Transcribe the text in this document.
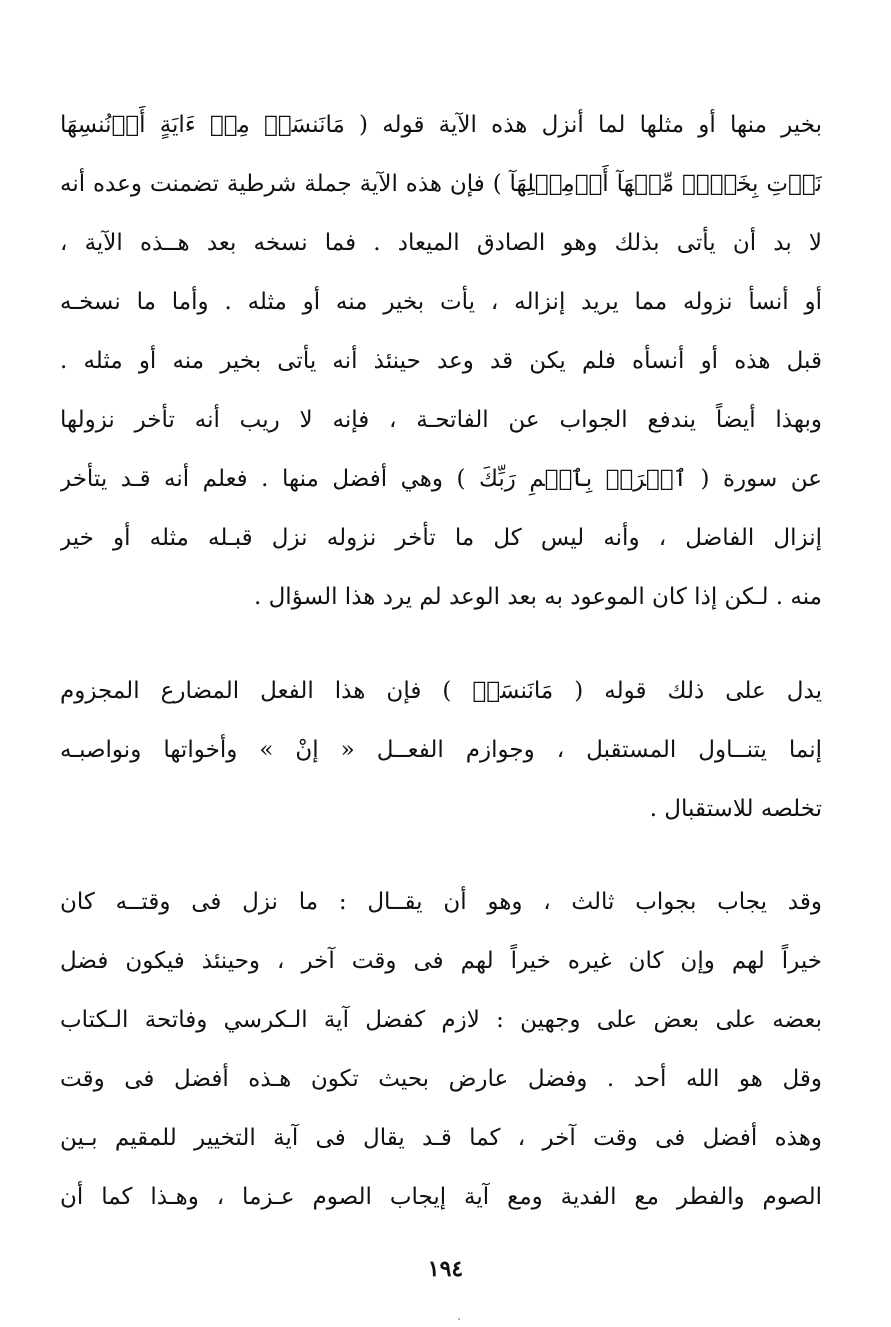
بخير منها أو مثلها لما أنزل هذه الآية قوله ( مَانَنسَخۡ مِنۡ ءَايَةٍ أَوۡنُنسِهَا
نَأۡتِ بِخَيۡرٖ مِّنۡهَآ أَوۡمِثۡلِهَآ ) فإن هذه الآية جملة شرطية تضمنت وعده أنه
لا بد أن يأتى بذلك وهو الصادق الميعاد . فما نسخه بعد هــذه الآية ،
أو أنسأ نزوله مما يريد إنزاله ، يأت بخير منه أو مثله . وأما ما نسخـه
قبل هذه أو أنسأه فلم يكن قد وعد حينئذ أنه يأتى بخير منه أو مثله .
وبهذا أيضاً يندفع الجواب عن الفاتحـة ، فإنه لا ريب أنه تأخر نزولها
عن سورة ( ٱقۡرَأۡ بِٱسۡمِ رَبِّكَ ) وهي أفضل منها . فعلم أنه قـد يتأخر
إنزال الفاضل ، وأنه ليس كل ما تأخر نزوله نزل قبـله مثله أو خير
منه . لـكن إذا كان الموعود به بعد الوعد لم يرد هذا السؤال .
يدل على ذلك قوله ( مَانَنسَخۡ ) فإن هذا الفعل المضارع المجزوم
إنما يتنــاول المستقبل ، وجوازم الفعــل « إنْ » وأخواتها ونواصبـه
تخلصه للاستقبال .
وقد يجاب بجواب ثالث ، وهو أن يقــال : ما نزل فى وقتــه كان
خيراً لهم وإن كان غيره خيراً لهم فى وقت آخر ، وحينئذ فيكون فضل
بعضه على بعض على وجهين : لازم كفضل آية الـكرسي وفاتحة الـكتاب
وقل هو الله أحد . وفضل عارض بحيث تكون هـذه أفضل فى وقت
وهذه أفضل فى وقت آخر ، كما قـد يقال فى آية التخيير للمقيم بـين
الصوم والفطر مع الفدية ومع آية إيجاب الصوم عـزما ، وهـذا كما أن
١٩٤
